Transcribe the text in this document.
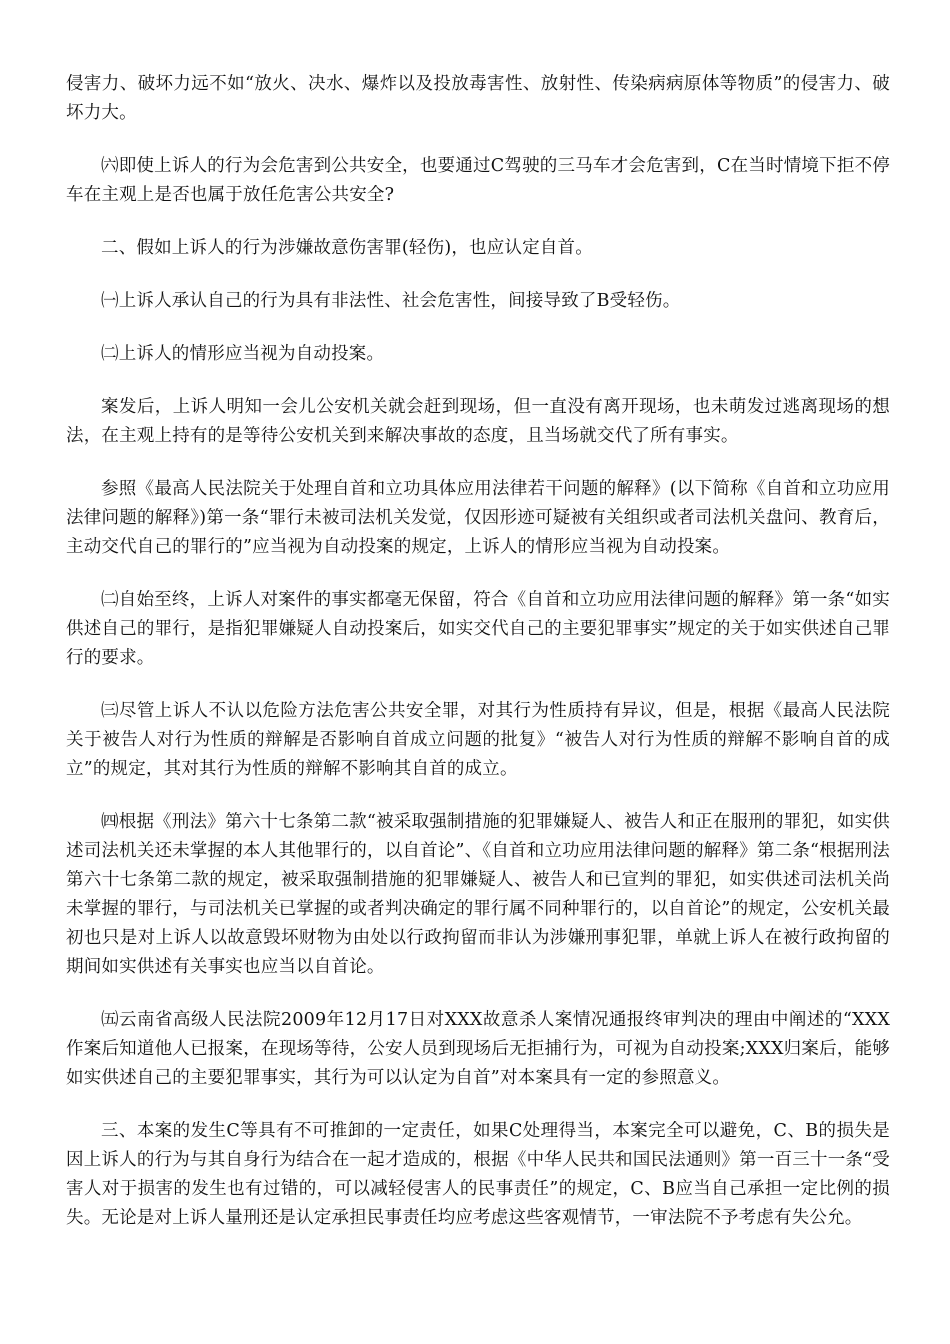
侵害力、破坏力远不如“放火、决水、爆炸以及投放毒害性、放射性、传染病病原体等物质”的侵害力、破坏力大。

㈥即使上诉人的行为会危害到公共安全，也要通过C驾驶的三马车才会危害到，C在当时情境下拒不停车在主观上是否也属于放任危害公共安全?

二、假如上诉人的行为涉嫌故意伤害罪(轻伤)，也应认定自首。

㈠上诉人承认自己的行为具有非法性、社会危害性，间接导致了B受轻伤。

㈡上诉人的情形应当视为自动投案。

案发后，上诉人明知一会儿公安机关就会赶到现场，但一直没有离开现场，也未萌发过逃离现场的想法，在主观上持有的是等待公安机关到来解决事故的态度，且当场就交代了所有事实。

参照《最高人民法院关于处理自首和立功具体应用法律若干问题的解释》(以下简称《自首和立功应用法律问题的解释》)第一条“罪行未被司法机关发觉，仅因形迹可疑被有关组织或者司法机关盘问、教育后，主动交代自己的罪行的”应当视为自动投案的规定，上诉人的情形应当视为自动投案。

㈡自始至终，上诉人对案件的事实都毫无保留，符合《自首和立功应用法律问题的解释》第一条“如实供述自己的罪行，是指犯罪嫌疑人自动投案后，如实交代自己的主要犯罪事实”规定的关于如实供述自己罪行的要求。

㈢尽管上诉人不认以危险方法危害公共安全罪，对其行为性质持有异议，但是，根据《最高人民法院关于被告人对行为性质的辩解是否影响自首成立问题的批复》“被告人对行为性质的辩解不影响自首的成立”的规定，其对其行为性质的辩解不影响其自首的成立。

㈣根据《刑法》第六十七条第二款“被采取强制措施的犯罪嫌疑人、被告人和正在服刑的罪犯，如实供述司法机关还未掌握的本人其他罪行的，以自首论”、《自首和立功应用法律问题的解释》第二条“根据刑法第六十七条第二款的规定，被采取强制措施的犯罪嫌疑人、被告人和已宣判的罪犯，如实供述司法机关尚未掌握的罪行，与司法机关已掌握的或者判决确定的罪行属不同种罪行的，以自首论”的规定，公安机关最初也只是对上诉人以故意毁坏财物为由处以行政拘留而非认为涉嫌刑事犯罪，单就上诉人在被行政拘留的期间如实供述有关事实也应当以自首论。

㈤云南省高级人民法院2009年12月17日对XXX故意杀人案情况通报终审判决的理由中阐述的“XXX作案后知道他人已报案，在现场等待，公安人员到现场后无拒捕行为，可视为自动投案;XXX归案后，能够如实供述自己的主要犯罪事实，其行为可以认定为自首”对本案具有一定的参照意义。

三、本案的发生C等具有不可推卸的一定责任，如果C处理得当，本案完全可以避免，C、B的损失是因上诉人的行为与其自身行为结合在一起才造成的，根据《中华人民共和国民法通则》第一百三十一条“受害人对于损害的发生也有过错的，可以减轻侵害人的民事责任”的规定，C、B应当自己承担一定比例的损失。无论是对上诉人量刑还是认定承担民事责任均应考虑这些客观情节，一审法院不予考虑有失公允。
